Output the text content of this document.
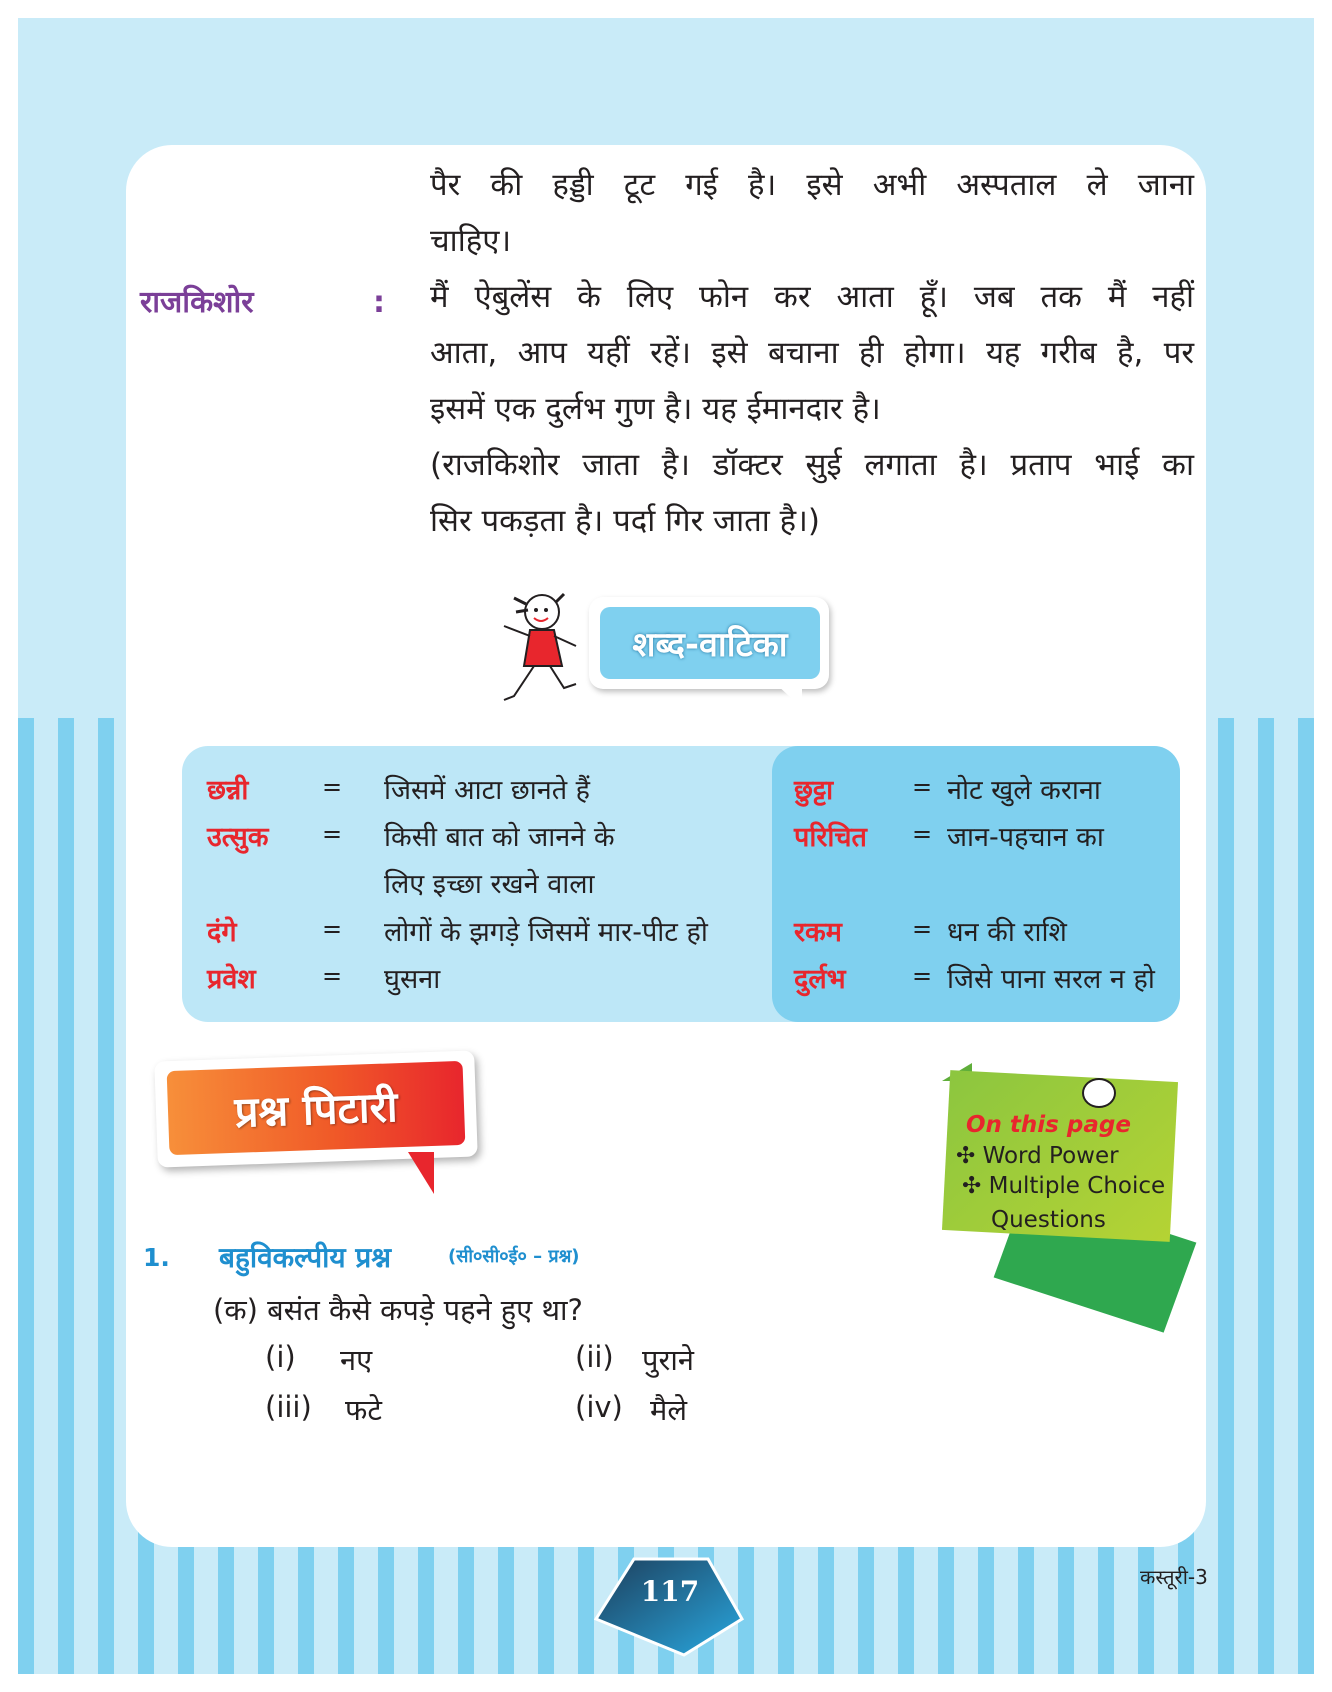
पैर की हड्डी टूट गई है। इसे अभी अस्पताल ले जाना
चाहिए।
राजकिशोर	: मैं ऐबुलेंस के लिए फोन कर आता हूँ। जब तक मैं नहीं
आता, आप यहीं रहें। इसे बचाना ही होगा। यह गरीब है, पर
इसमें एक दुर्लभ गुण है। यह ईमानदार है।
(राजकिशोर जाता है। डॉक्टर सुई लगाता है। प्रताप भाई का
सिर पकड़ता है। पर्दा गिर जाता है।)
शब्द-वाटिका
छन्नी	= जिसमें आटा छानते हैं
उत्सुक = किसी बात को जानने के
लिए इच्छा रखने वाला
दंगे	= लोगों के झगड़े जिसमें मार-पीट हो
प्रवेश	= घुसना
छुट्टा	= नोट खुले कराना
परिचित = जान-पहचान का
रकम	= धन की राशि
दुर्लभ	= जिसे पाना सरल न हो
प्रश्न पिटारी	On this page
✣ Word Power
✣ Multiple Choice
Questions
1. बहुविकल्पीय प्रश्न	(सी०सी०ई० – प्रश्न)
(क) बसंत कैसे कपड़े पहने हुए था?
(i) नए	(ii) पुराने
(iii) फटे	(iv) मैले
117	कस्तूरी-3
